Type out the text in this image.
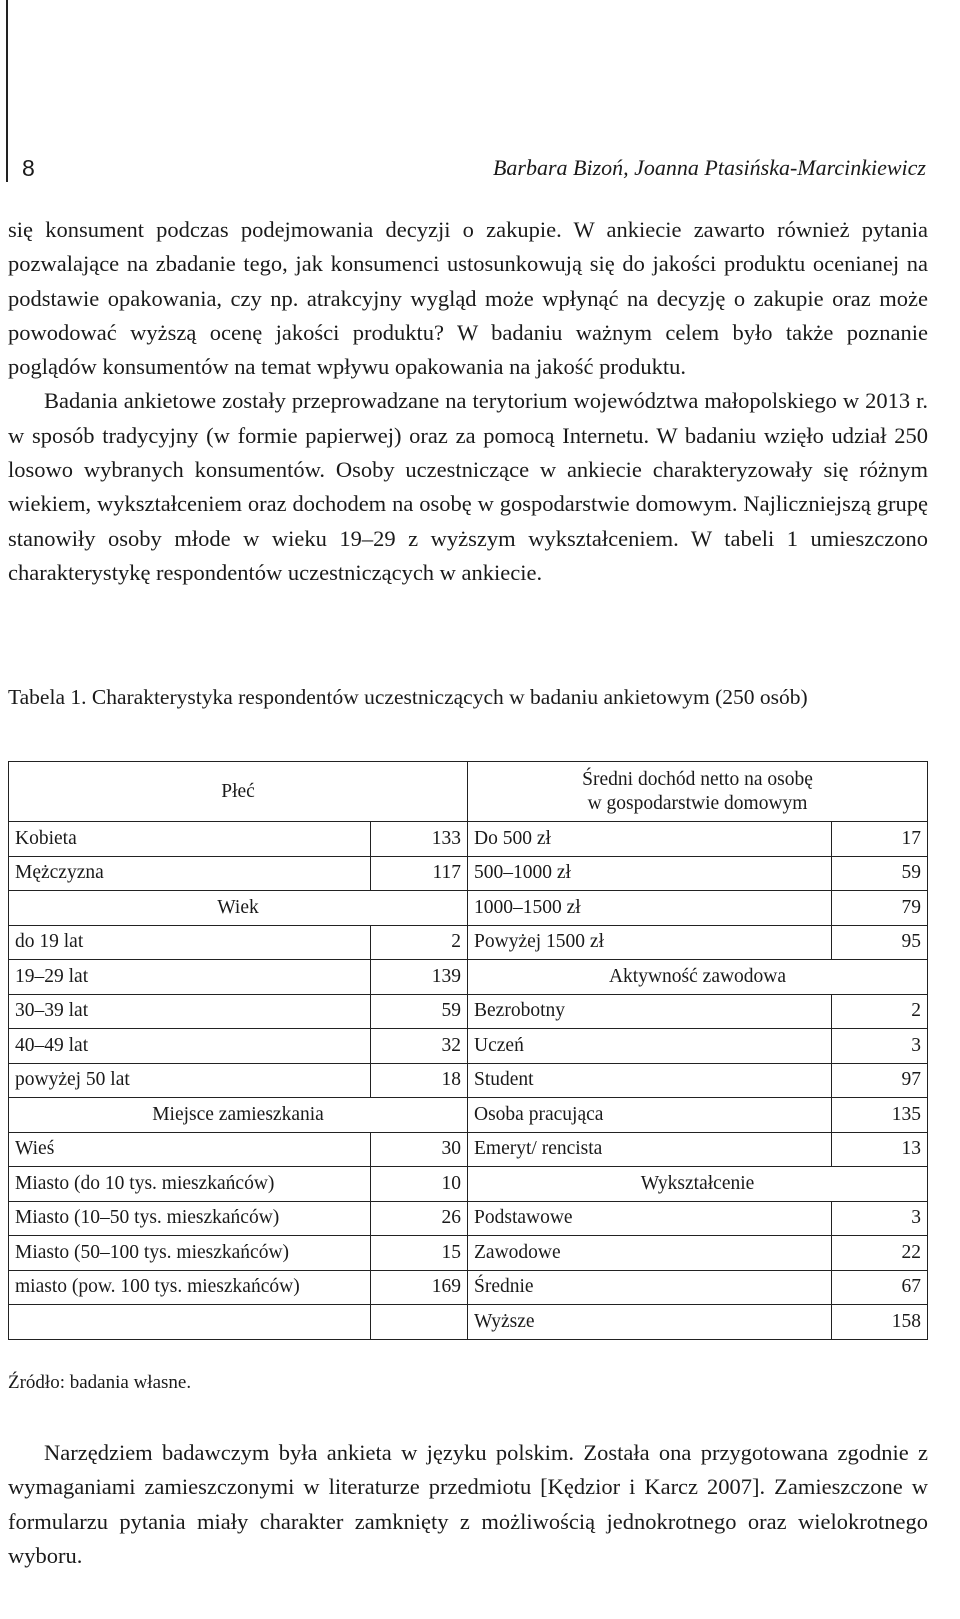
8	Barbara Bizoń, Joanna Ptasińska-Marcinkiewicz

się konsument podczas podejmowania decyzji o zakupie. W ankiecie zawarto również pytania pozwalające na zbadanie tego, jak konsumenci ustosunkowują się do jakości produktu ocenianej na podstawie opakowania, czy np. atrakcyjny wygląd może wpłynąć na decyzję o zakupie oraz może powodować wyższą ocenę jakości produktu? W badaniu ważnym celem było także poznanie poglądów konsumentów na temat wpływu opakowania na jakość produktu.

Badania ankietowe zostały przeprowadzane na terytorium województwa małopolskiego w 2013 r. w sposób tradycyjny (w formie papierwej) oraz za pomocą Internetu. W badaniu wzięło udział 250 losowo wybranych konsumentów. Osoby uczestniczące w ankiecie charakteryzowały się różnym wiekiem, wykształceniem oraz dochodem na osobę w gospodarstwie domowym. Najliczniejszą grupę stanowiły osoby młode w wieku 19–29 z wyższym wykształceniem. W tabeli 1 umieszczono charakterystykę respondentów uczestniczących w ankiecie.

Tabela 1. Charakterystyka respondentów uczestniczących w badaniu ankietowym (250 osób)
Płeć		Średni dochód netto na osobę
w gospodarstwie domowym	
Kobieta	133	Do 500 zł	17
Mężczyzna	117	500–1000 zł	59
Wiek		1000–1500 zł	79
do 19 lat	2	Powyżej 1500 zł	95
19–29 lat	139	Aktywność zawodowa	
30–39 lat	59	Bezrobotny	2
40–49 lat	32	Uczeń	3
powyżej 50 lat	18	Student	97
Miejsce zamieszkania		Osoba pracująca	135
Wieś	30	Emeryt/ rencista	13
Miasto (do 10 tys. mieszkańców)	10	Wykształcenie	
Miasto (10–50 tys. mieszkańców)	26	Podstawowe	3
Miasto (50–100 tys. mieszkańców)	15	Zawodowe	22
miasto (pow. 100 tys. mieszkańców)	169	Średnie	67
		Wyższe	158
Źródło: badania własne.

Narzędziem badawczym była ankieta w języku polskim. Została ona przygotowana zgodnie z wymaganiami zamieszczonymi w literaturze przedmiotu [Kędzior i Karcz 2007]. Zamieszczone w formularzu pytania miały charakter zamknięty z możliwością jednokrotnego oraz wielokrotnego wyboru.
